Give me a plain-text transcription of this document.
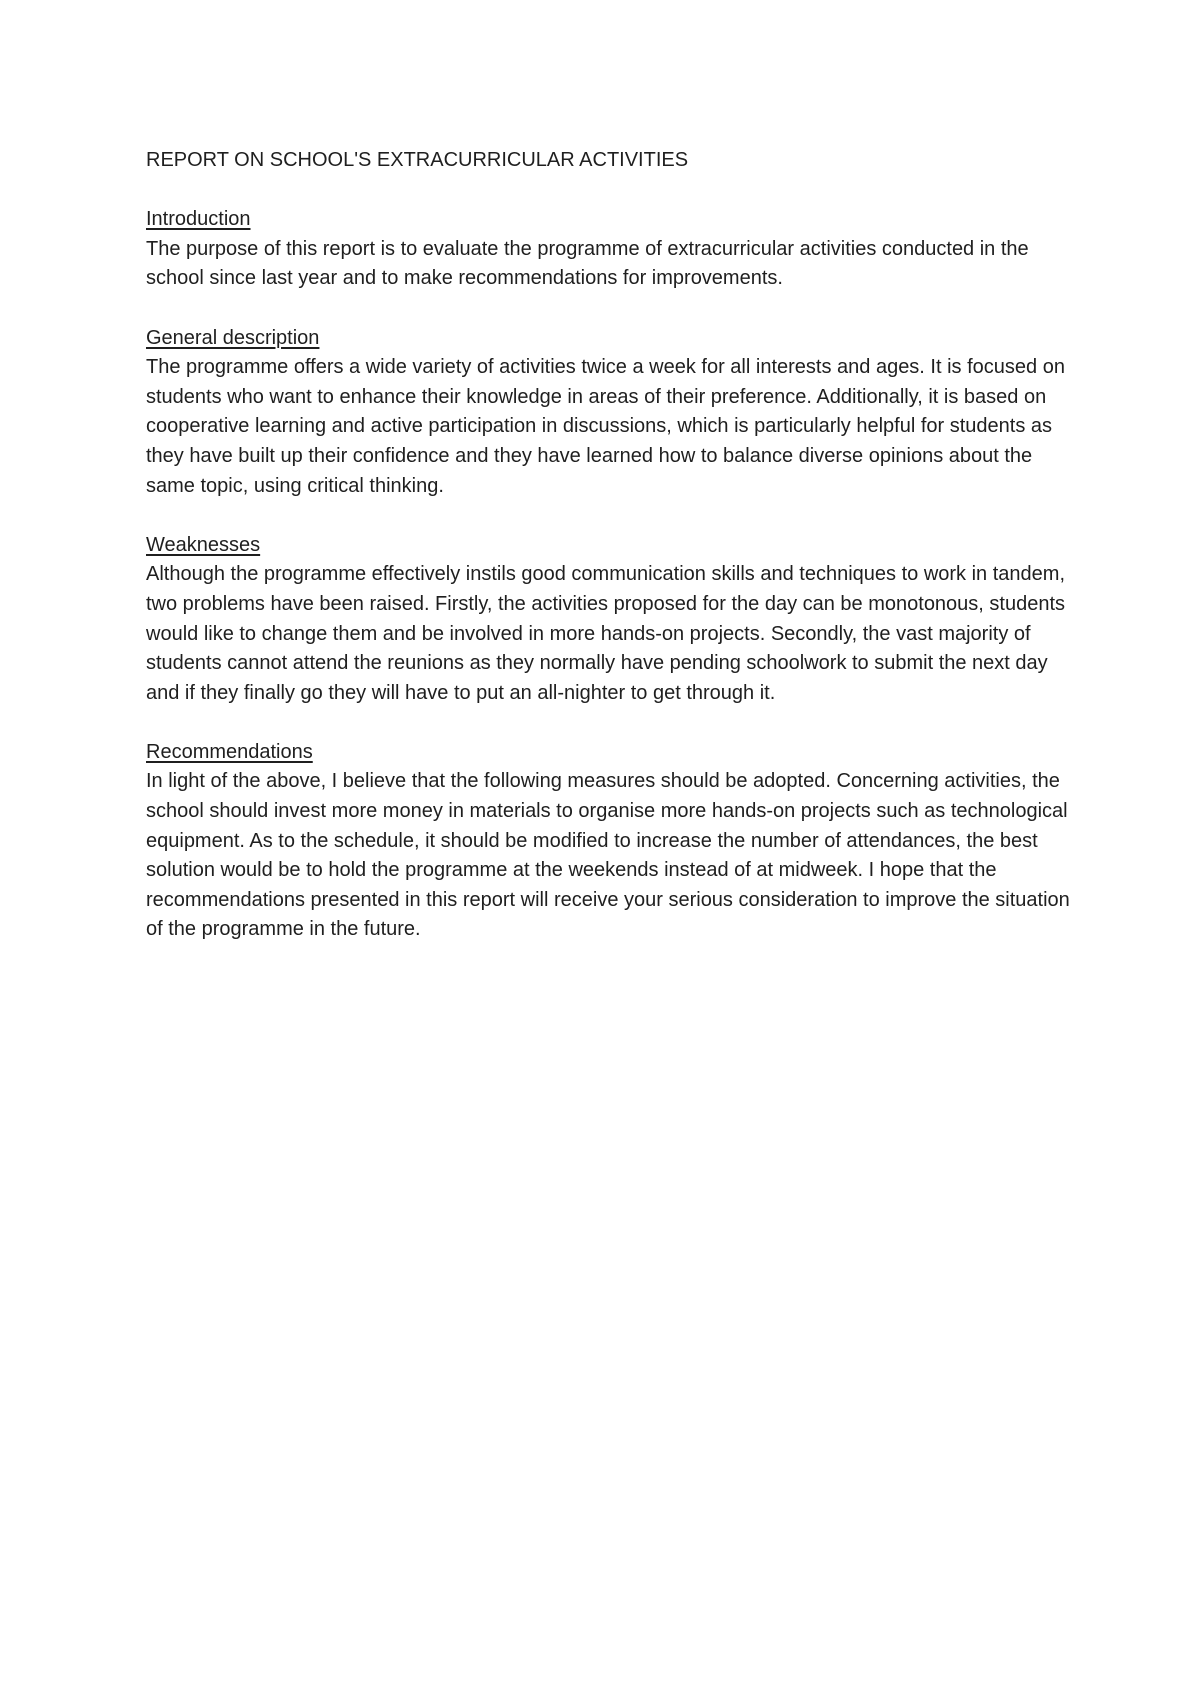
REPORT ON SCHOOL'S EXTRACURRICULAR ACTIVITIES

Introduction

The purpose of this report is to evaluate the programme of extracurricular activities conducted in the school since last year and to make recommendations for improvements.

General description

The programme offers a wide variety of activities twice a week for all interests and ages. It is focused on students who want to enhance their knowledge in areas of their preference. Additionally, it is based on cooperative learning and active participation in discussions, which is particularly helpful for students as they have built up their confidence and they have learned how to balance diverse opinions about the same topic, using critical thinking.

Weaknesses

Although the programme effectively instils good communication skills and techniques to work in tandem, two problems have been raised. Firstly, the activities proposed for the day can be monotonous, students would like to change them and be involved in more hands-on projects. Secondly, the vast majority of students cannot attend the reunions as they normally have pending schoolwork to submit the next day and if they finally go they will have to put an all-nighter to get through it.

Recommendations

In light of the above, I believe that the following measures should be adopted. Concerning activities, the school should invest more money in materials to organise more hands-on projects such as technological equipment. As to the schedule, it should be modified to increase the number of attendances, the best solution would be to hold the programme at the weekends instead of at midweek. I hope that the recommendations presented in this report will receive your serious consideration to improve the situation of the programme in the future.
